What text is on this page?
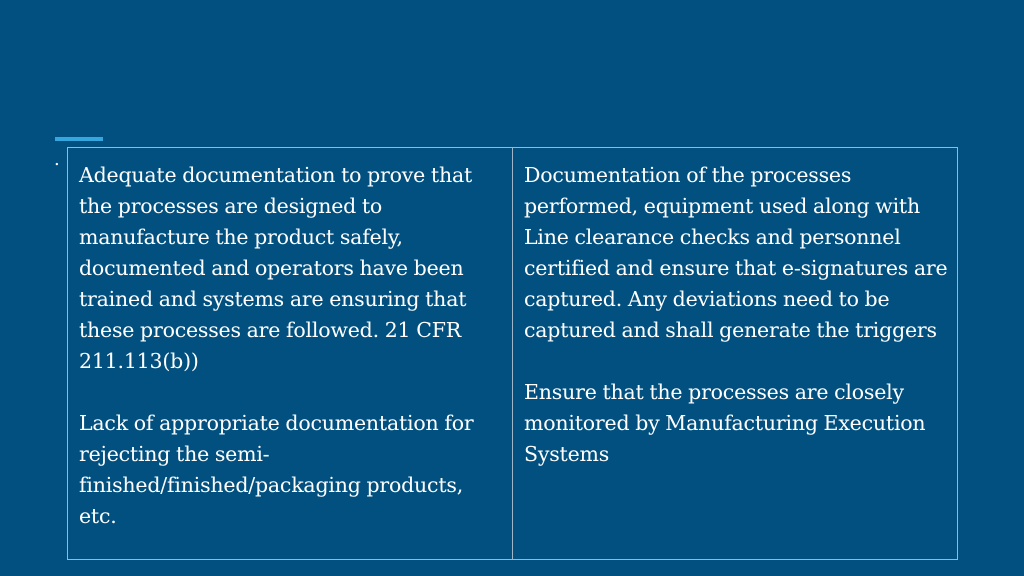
.

Adequate documentation to prove that the processes are designed to manufacture the product safely, documented and operators have been trained and systems are ensuring that these processes are followed. 21 CFR 211.113(b))

Lack of appropriate documentation for rejecting the semi-finished/finished/packaging products, etc.

Documentation of the processes performed, equipment used along with Line clearance checks and personnel certified and ensure that e-signatures are captured. Any deviations need to be captured and shall generate the triggers

Ensure that the processes are closely monitored by Manufacturing Execution Systems
